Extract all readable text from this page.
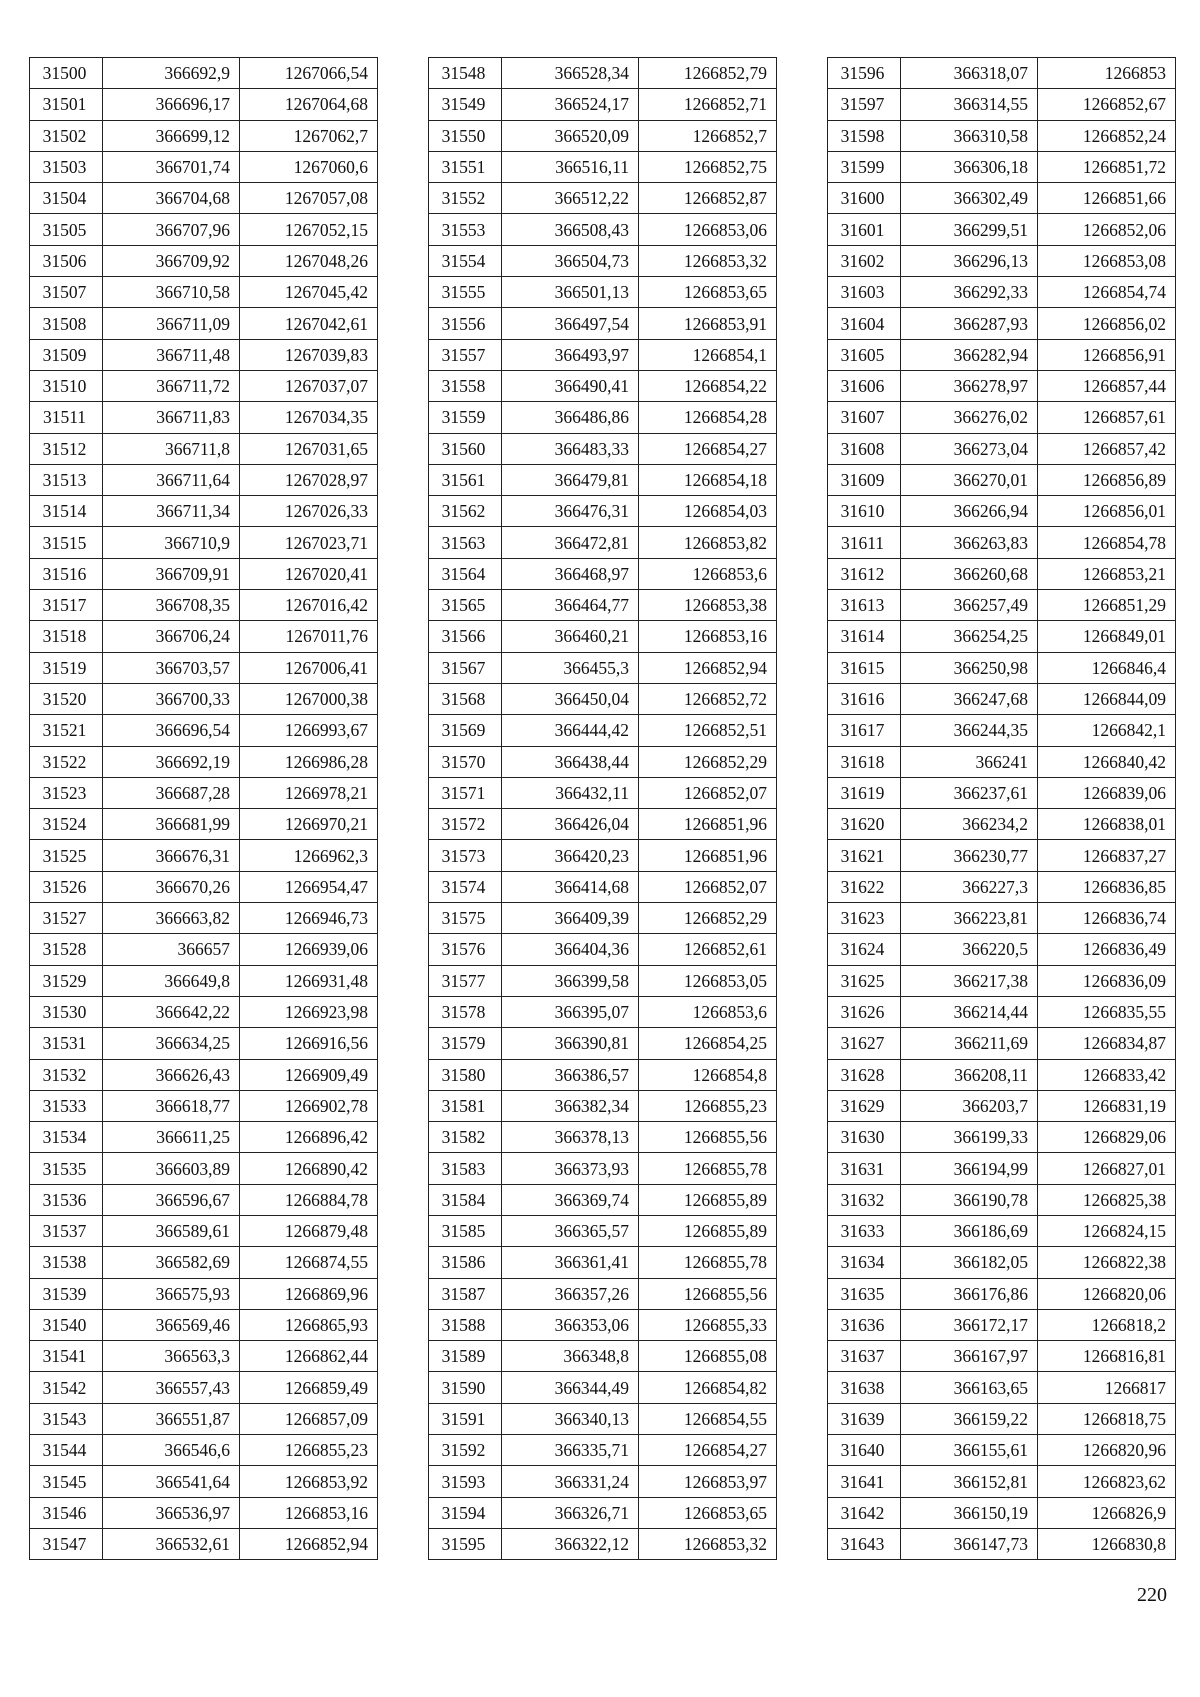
31500	366692,9	1267066,54
31501	366696,17	1267064,68
31502	366699,12	1267062,7
31503	366701,74	1267060,6
31504	366704,68	1267057,08
31505	366707,96	1267052,15
31506	366709,92	1267048,26
31507	366710,58	1267045,42
31508	366711,09	1267042,61
31509	366711,48	1267039,83
31510	366711,72	1267037,07
31511	366711,83	1267034,35
31512	366711,8	1267031,65
31513	366711,64	1267028,97
31514	366711,34	1267026,33
31515	366710,9	1267023,71
31516	366709,91	1267020,41
31517	366708,35	1267016,42
31518	366706,24	1267011,76
31519	366703,57	1267006,41
31520	366700,33	1267000,38
31521	366696,54	1266993,67
31522	366692,19	1266986,28
31523	366687,28	1266978,21
31524	366681,99	1266970,21
31525	366676,31	1266962,3
31526	366670,26	1266954,47
31527	366663,82	1266946,73
31528	366657	1266939,06
31529	366649,8	1266931,48
31530	366642,22	1266923,98
31531	366634,25	1266916,56
31532	366626,43	1266909,49
31533	366618,77	1266902,78
31534	366611,25	1266896,42
31535	366603,89	1266890,42
31536	366596,67	1266884,78
31537	366589,61	1266879,48
31538	366582,69	1266874,55
31539	366575,93	1266869,96
31540	366569,46	1266865,93
31541	366563,3	1266862,44
31542	366557,43	1266859,49
31543	366551,87	1266857,09
31544	366546,6	1266855,23
31545	366541,64	1266853,92
31546	366536,97	1266853,16
31547	366532,61	1266852,94
31548	366528,34	1266852,79
31549	366524,17	1266852,71
31550	366520,09	1266852,7
31551	366516,11	1266852,75
31552	366512,22	1266852,87
31553	366508,43	1266853,06
31554	366504,73	1266853,32
31555	366501,13	1266853,65
31556	366497,54	1266853,91
31557	366493,97	1266854,1
31558	366490,41	1266854,22
31559	366486,86	1266854,28
31560	366483,33	1266854,27
31561	366479,81	1266854,18
31562	366476,31	1266854,03
31563	366472,81	1266853,82
31564	366468,97	1266853,6
31565	366464,77	1266853,38
31566	366460,21	1266853,16
31567	366455,3	1266852,94
31568	366450,04	1266852,72
31569	366444,42	1266852,51
31570	366438,44	1266852,29
31571	366432,11	1266852,07
31572	366426,04	1266851,96
31573	366420,23	1266851,96
31574	366414,68	1266852,07
31575	366409,39	1266852,29
31576	366404,36	1266852,61
31577	366399,58	1266853,05
31578	366395,07	1266853,6
31579	366390,81	1266854,25
31580	366386,57	1266854,8
31581	366382,34	1266855,23
31582	366378,13	1266855,56
31583	366373,93	1266855,78
31584	366369,74	1266855,89
31585	366365,57	1266855,89
31586	366361,41	1266855,78
31587	366357,26	1266855,56
31588	366353,06	1266855,33
31589	366348,8	1266855,08
31590	366344,49	1266854,82
31591	366340,13	1266854,55
31592	366335,71	1266854,27
31593	366331,24	1266853,97
31594	366326,71	1266853,65
31595	366322,12	1266853,32
31596	366318,07	1266853
31597	366314,55	1266852,67
31598	366310,58	1266852,24
31599	366306,18	1266851,72
31600	366302,49	1266851,66
31601	366299,51	1266852,06
31602	366296,13	1266853,08
31603	366292,33	1266854,74
31604	366287,93	1266856,02
31605	366282,94	1266856,91
31606	366278,97	1266857,44
31607	366276,02	1266857,61
31608	366273,04	1266857,42
31609	366270,01	1266856,89
31610	366266,94	1266856,01
31611	366263,83	1266854,78
31612	366260,68	1266853,21
31613	366257,49	1266851,29
31614	366254,25	1266849,01
31615	366250,98	1266846,4
31616	366247,68	1266844,09
31617	366244,35	1266842,1
31618	366241	1266840,42
31619	366237,61	1266839,06
31620	366234,2	1266838,01
31621	366230,77	1266837,27
31622	366227,3	1266836,85
31623	366223,81	1266836,74
31624	366220,5	1266836,49
31625	366217,38	1266836,09
31626	366214,44	1266835,55
31627	366211,69	1266834,87
31628	366208,11	1266833,42
31629	366203,7	1266831,19
31630	366199,33	1266829,06
31631	366194,99	1266827,01
31632	366190,78	1266825,38
31633	366186,69	1266824,15
31634	366182,05	1266822,38
31635	366176,86	1266820,06
31636	366172,17	1266818,2
31637	366167,97	1266816,81
31638	366163,65	1266817
31639	366159,22	1266818,75
31640	366155,61	1266820,96
31641	366152,81	1266823,62
31642	366150,19	1266826,9
31643	366147,73	1266830,8
220
